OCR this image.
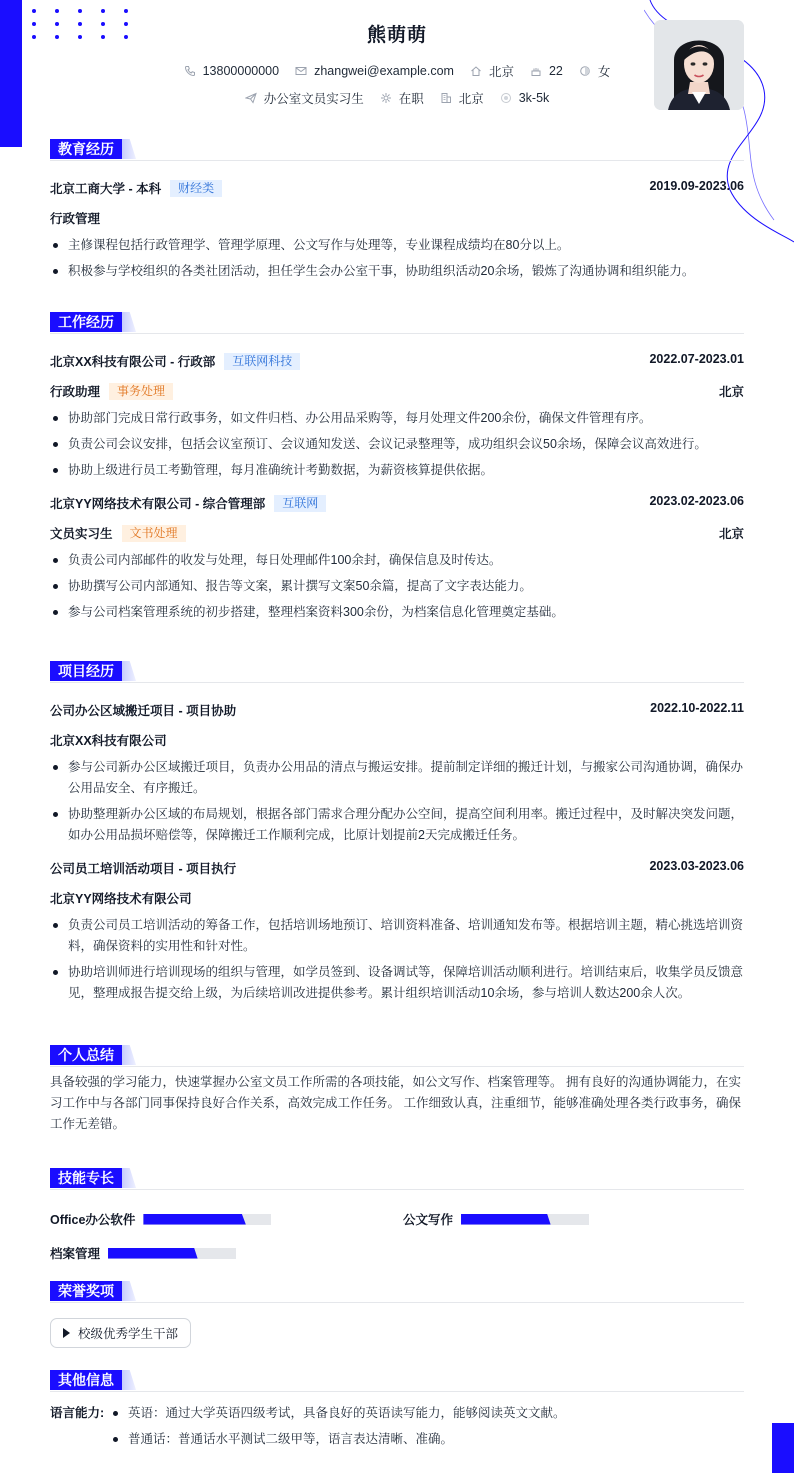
熊萌萌
13800000000	zhangwei@example.com	北京	22	女
办公室文员实习生	在职	北京	3k-5k
教育经历
北京工商大学 - 本科	财经类	2019.09-2023.06
行政管理
主修课程包括行政管理学、管理学原理、公文写作与处理等，专业课程成绩均在80分以上。
积极参与学校组织的各类社团活动，担任学生会办公室干事，协助组织活动20余场，锻炼了沟通协调和组织能力。
工作经历
北京XX科技有限公司 - 行政部	互联网科技	2022.07-2023.01
行政助理	事务处理	北京
协助部门完成日常行政事务，如文件归档、办公用品采购等，每月处理文件200余份，确保文件管理有序。
负责公司会议安排，包括会议室预订、会议通知发送、会议记录整理等，成功组织会议50余场，保障会议高效进行。
协助上级进行员工考勤管理，每月准确统计考勤数据，为薪资核算提供依据。
北京YY网络技术有限公司 - 综合管理部	互联网	2023.02-2023.06
文员实习生	文书处理	北京
负责公司内部邮件的收发与处理，每日处理邮件100余封，确保信息及时传达。
协助撰写公司内部通知、报告等文案，累计撰写文案50余篇，提高了文字表达能力。
参与公司档案管理系统的初步搭建，整理档案资料300余份，为档案信息化管理奠定基础。
项目经历
公司办公区域搬迁项目 - 项目协助	2022.10-2022.11
北京XX科技有限公司
参与公司新办公区域搬迁项目，负责办公用品的清点与搬运安排。提前制定详细的搬迁计划，与搬家公司沟通协调，确保办公用品安全、有序搬迁。
协助整理新办公区域的布局规划，根据各部门需求合理分配办公空间，提高空间利用率。搬迁过程中，及时解决突发问题，如办公用品损坏赔偿等，保障搬迁工作顺利完成，比原计划提前2天完成搬迁任务。
公司员工培训活动项目 - 项目执行	2023.03-2023.06
北京YY网络技术有限公司
负责公司员工培训活动的筹备工作，包括培训场地预订、培训资料准备、培训通知发布等。根据培训主题，精心挑选培训资料，确保资料的实用性和针对性。
协助培训师进行培训现场的组织与管理，如学员签到、设备调试等，保障培训活动顺利进行。培训结束后，收集学员反馈意见，整理成报告提交给上级，为后续培训改进提供参考。累计组织培训活动10余场，参与培训人数达200余人次。
个人总结
具备较强的学习能力，快速掌握办公室文员工作所需的各项技能，如公文写作、档案管理等。 拥有良好的沟通协调能力，在实习工作中与各部门同事保持良好合作关系，高效完成工作任务。 工作细致认真，注重细节，能够准确处理各类行政事务，确保工作无差错。
技能专长
Office办公软件	公文写作
档案管理
荣誉奖项
校级优秀学生干部
其他信息
语言能力:	英语：通过大学英语四级考试，具备良好的英语读写能力，能够阅读英文文献。
普通话：普通话水平测试二级甲等，语言表达清晰、准确。
